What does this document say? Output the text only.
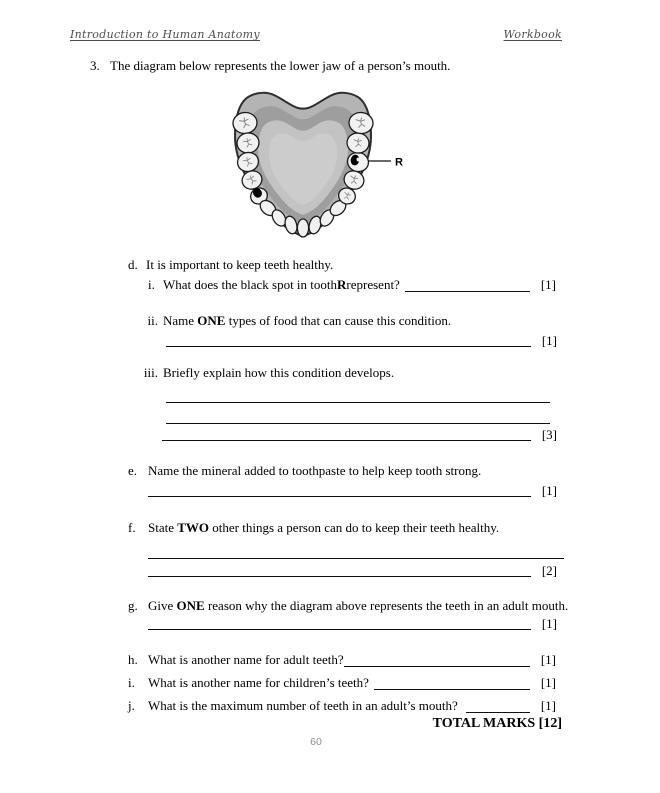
Introduction to Human Anatomy	Workbook
3. The diagram below represents the lower jaw of a person’s mouth.
R
d. It is important to keep teeth healthy.
i. What does the black spot in tooth R represent?	[1]
ii. Name ONE types of food that can cause this condition.
[1]
iii. Briefly explain how this condition develops.
[3]
e. Name the mineral added to toothpaste to help keep tooth strong.
[1]
f. State TWO other things a person can do to keep their teeth healthy.
[2]
g. Give ONE reason why the diagram above represents the teeth in an adult mouth.
[1]
h. What is another name for adult teeth?	[1]
i.	What is another name for children’s teeth?	[1]
j.	What is the maximum number of teeth in an adult’s mouth?	[1]
TOTAL MARKS [12]
60
